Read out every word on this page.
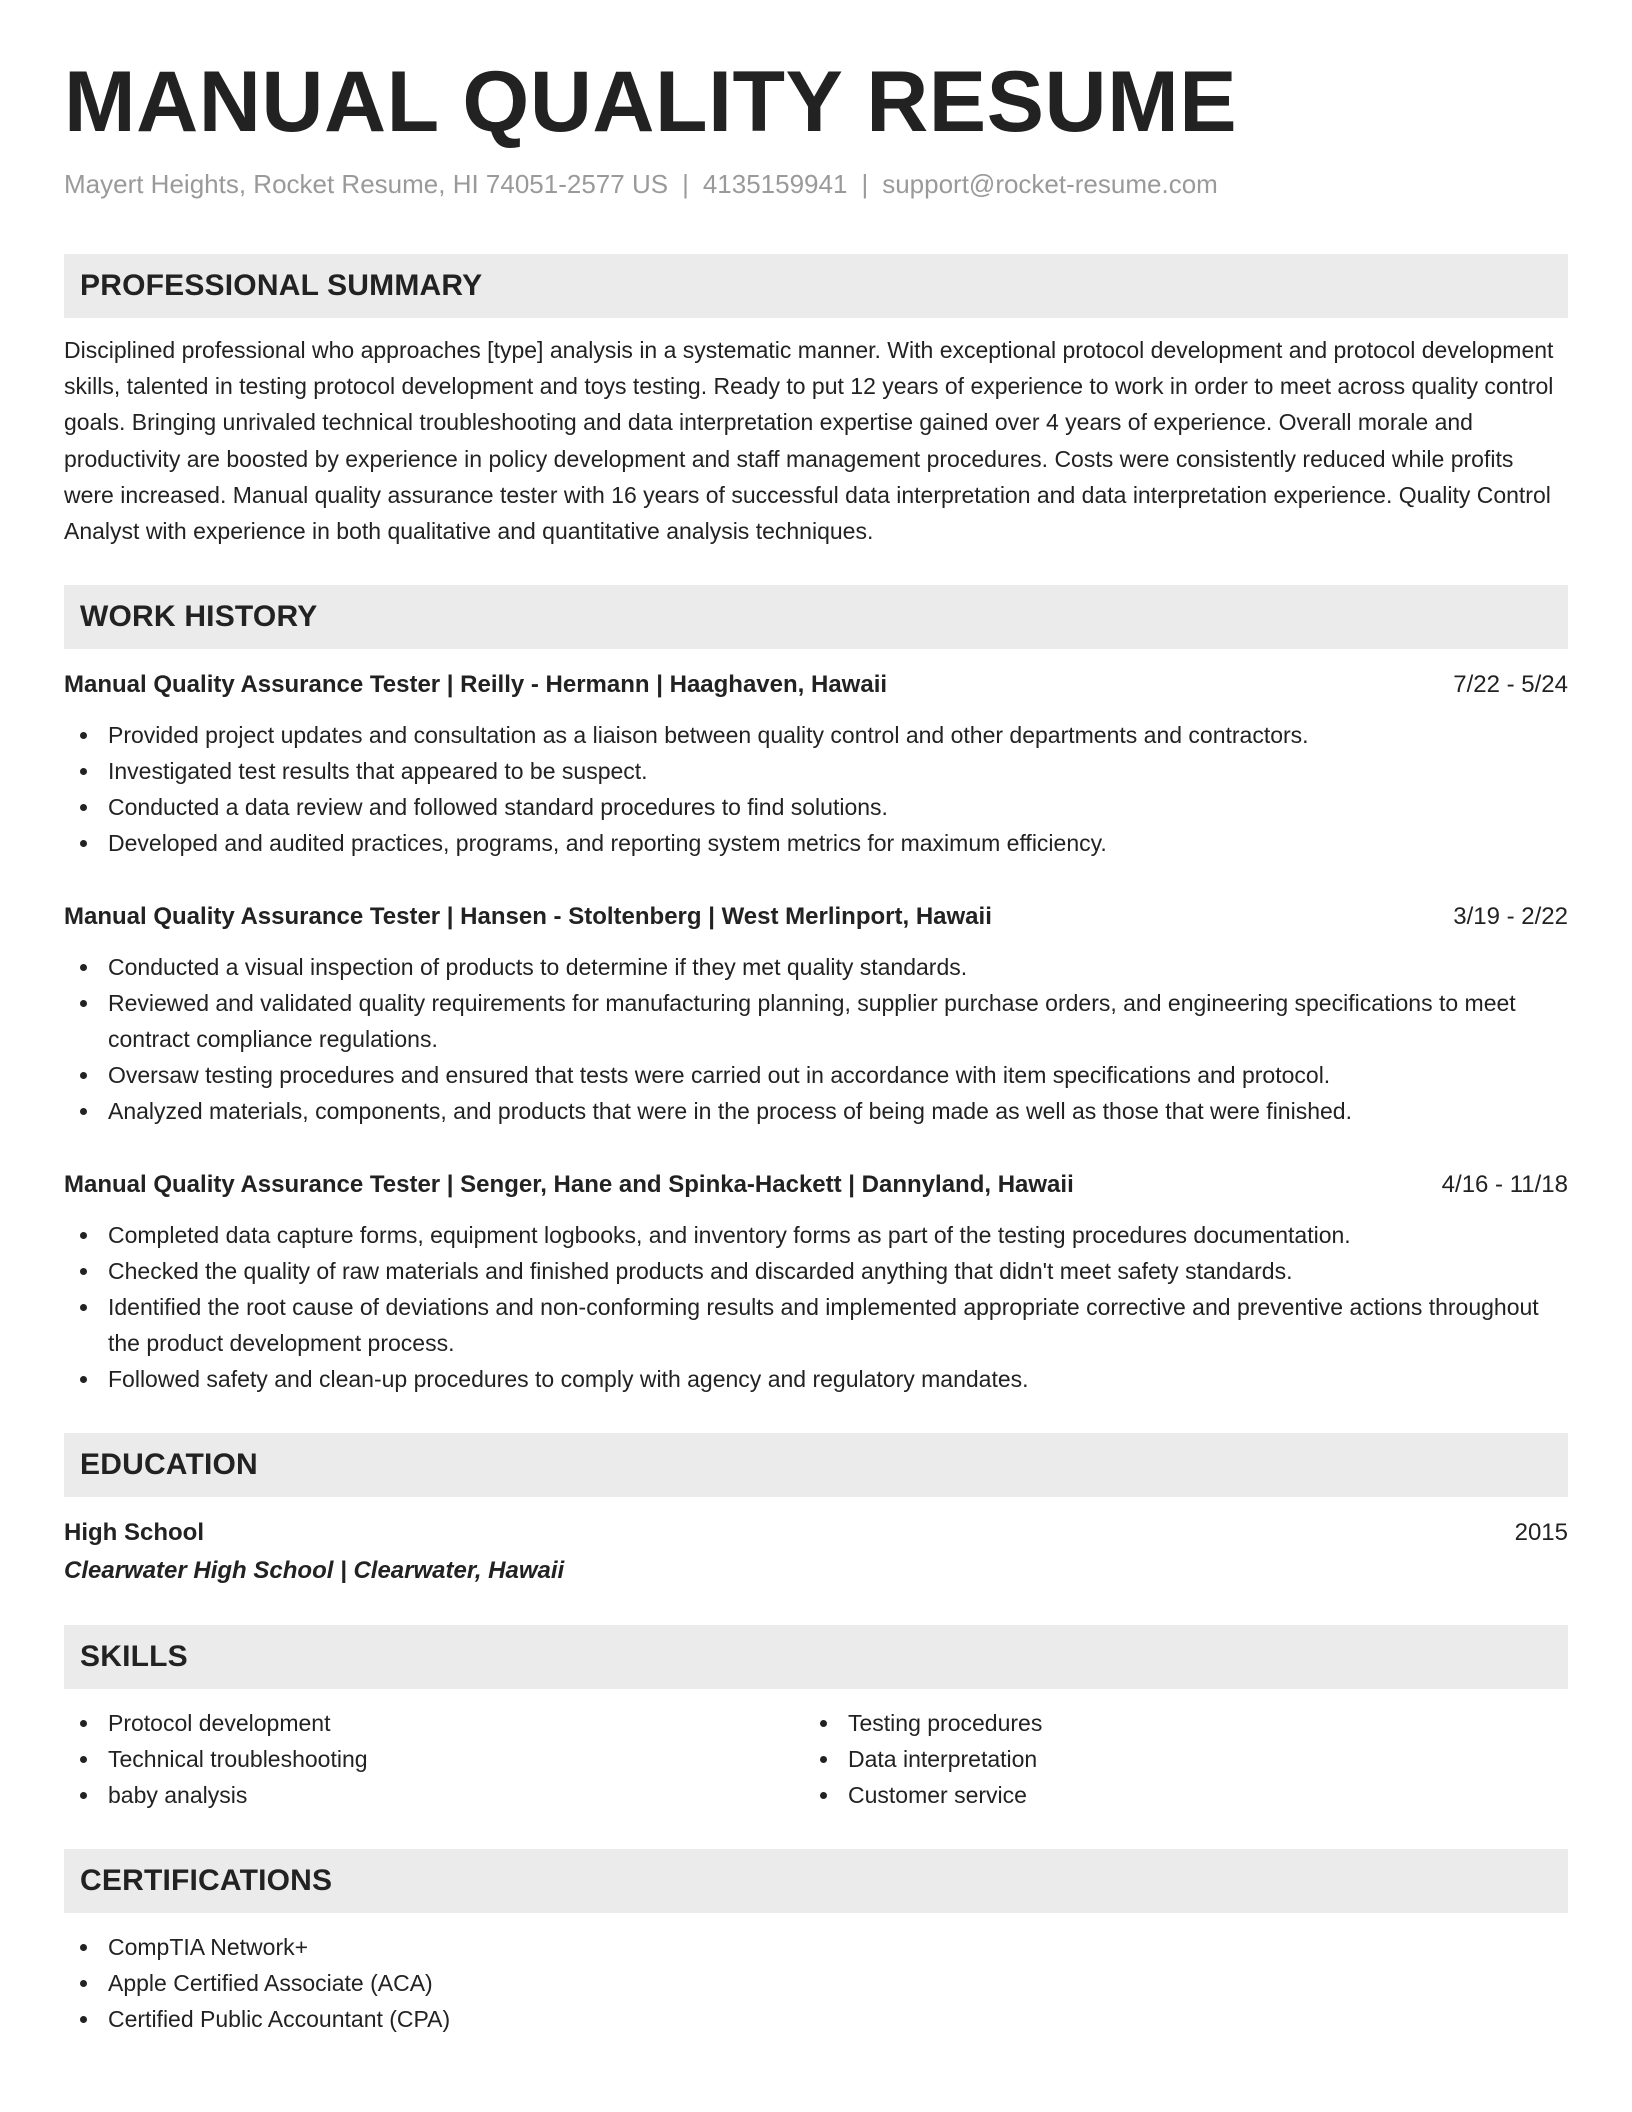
MANUAL QUALITY RESUME
Mayert Heights, Rocket Resume, HI 74051-2577 US | 4135159941 | support@rocket-resume.com
PROFESSIONAL SUMMARY
Disciplined professional who approaches [type] analysis in a systematic manner. With exceptional protocol development and protocol development skills, talented in testing protocol development and toys testing. Ready to put 12 years of experience to work in order to meet across quality control goals. Bringing unrivaled technical troubleshooting and data interpretation expertise gained over 4 years of experience. Overall morale and productivity are boosted by experience in policy development and staff management procedures. Costs were consistently reduced while profits were increased. Manual quality assurance tester with 16 years of successful data interpretation and data interpretation experience. Quality Control Analyst with experience in both qualitative and quantitative analysis techniques.
WORK HISTORY
Manual Quality Assurance Tester | Reilly - Hermann | Haaghaven, Hawaii	7/22 - 5/24
Provided project updates and consultation as a liaison between quality control and other departments and contractors.
Investigated test results that appeared to be suspect.
Conducted a data review and followed standard procedures to find solutions.
Developed and audited practices, programs, and reporting system metrics for maximum efficiency.
Manual Quality Assurance Tester | Hansen - Stoltenberg | West Merlinport, Hawaii	3/19 - 2/22
Conducted a visual inspection of products to determine if they met quality standards.
Reviewed and validated quality requirements for manufacturing planning, supplier purchase orders, and engineering specifications to meet contract compliance regulations.
Oversaw testing procedures and ensured that tests were carried out in accordance with item specifications and protocol.
Analyzed materials, components, and products that were in the process of being made as well as those that were finished.
Manual Quality Assurance Tester | Senger, Hane and Spinka-Hackett | Dannyland, Hawaii	4/16 - 11/18
Completed data capture forms, equipment logbooks, and inventory forms as part of the testing procedures documentation.
Checked the quality of raw materials and finished products and discarded anything that didn't meet safety standards.
Identified the root cause of deviations and non-conforming results and implemented appropriate corrective and preventive actions throughout the product development process.
Followed safety and clean-up procedures to comply with agency and regulatory mandates.
EDUCATION
High School	2015
Clearwater High School | Clearwater, Hawaii
SKILLS
Protocol development
Technical troubleshooting
baby analysis
Testing procedures
Data interpretation
Customer service
CERTIFICATIONS
CompTIA Network+
Apple Certified Associate (ACA)
Certified Public Accountant (CPA)
